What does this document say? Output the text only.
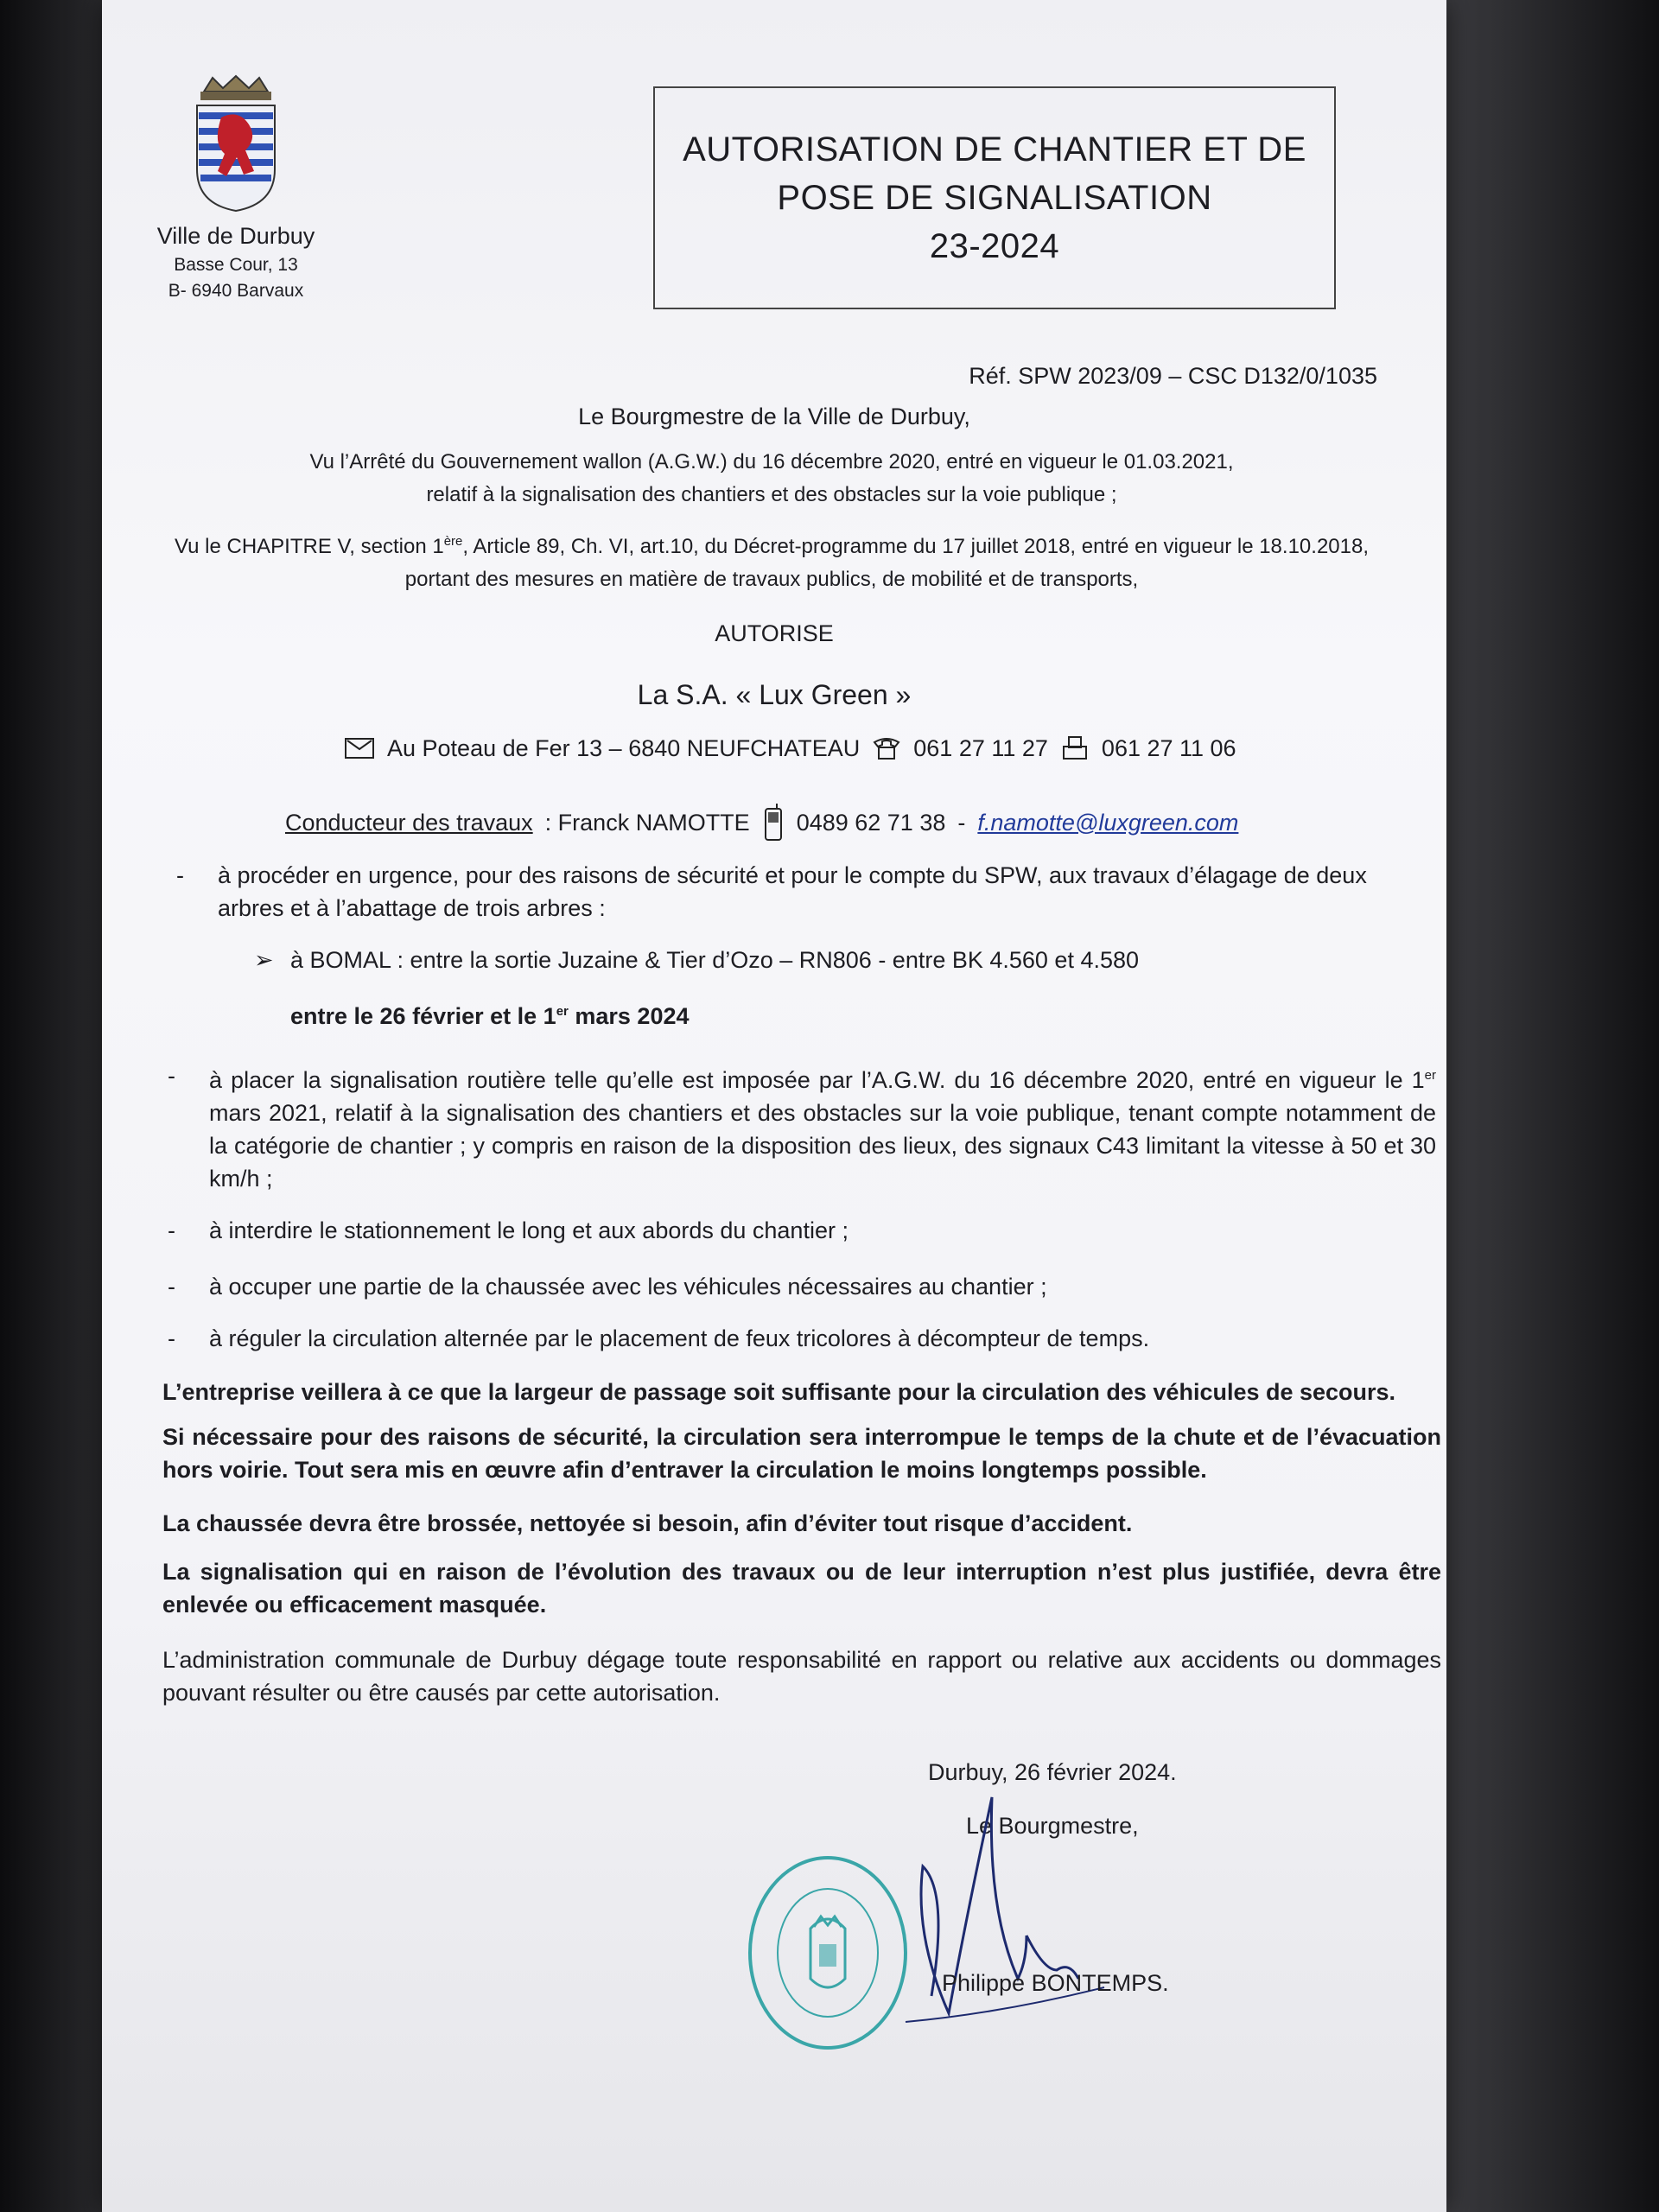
Ville de Durbuy
Basse Cour, 13
B- 6940 Barvaux
AUTORISATION DE CHANTIER ET DE
POSE DE SIGNALISATION
23-2024
Réf. SPW 2023/09 – CSC D132/0/1035
Le Bourgmestre de la Ville de Durbuy,
Vu l’Arrêté du Gouvernement wallon (A.G.W.) du 16 décembre 2020, entré en vigueur le 01.03.2021,
relatif à la signalisation des chantiers et des obstacles sur la voie publique ;
Vu le CHAPITRE V, section 1ère, Article 89, Ch. VI, art.10, du Décret-programme du 17 juillet 2018, entré en vigueur le 18.10.2018,
portant des mesures en matière de travaux publics, de mobilité et de transports,
AUTORISE
La S.A. « Lux Green »
Au Poteau de Fer 13 – 6840 NEUFCHATEAU 061 27 11 27 061 27 11 06
Conducteur des travaux : Franck NAMOTTE 0489 62 71 38 - f.namotte@luxgreen.com
- à procéder en urgence, pour des raisons de sécurité et pour le compte du SPW, aux travaux d’élagage de deux arbres et à l’abattage de trois arbres :
➢ à BOMAL : entre la sortie Juzaine & Tier d’Ozo – RN806 - entre BK 4.560 et 4.580
entre le 26 février et le 1er mars 2024
- à placer la signalisation routière telle qu’elle est imposée par l’A.G.W. du 16 décembre 2020, entré en vigueur le 1er mars 2021, relatif à la signalisation des chantiers et des obstacles sur la voie publique, tenant compte notamment de la catégorie de chantier ; y compris en raison de la disposition des lieux, des signaux C43 limitant la vitesse à 50 et 30 km/h ;
- à interdire le stationnement le long et aux abords du chantier ;
- à occuper une partie de la chaussée avec les véhicules nécessaires au chantier ;
- à réguler la circulation alternée par le placement de feux tricolores à décompteur de temps.
L’entreprise veillera à ce que la largeur de passage soit suffisante pour la circulation des véhicules de secours.
Si nécessaire pour des raisons de sécurité, la circulation sera interrompue le temps de la chute et de l’évacuation hors voirie. Tout sera mis en œuvre afin d’entraver la circulation le moins longtemps possible.
La chaussée devra être brossée, nettoyée si besoin, afin d’éviter tout risque d’accident.
La signalisation qui en raison de l’évolution des travaux ou de leur interruption n’est plus justifiée, devra être enlevée ou efficacement masquée.
L’administration communale de Durbuy dégage toute responsabilité en rapport ou relative aux accidents ou dommages pouvant résulter ou être causés par cette autorisation.
Durbuy, 26 février 2024.
Le Bourgmestre,
Philippe BONTEMPS.
